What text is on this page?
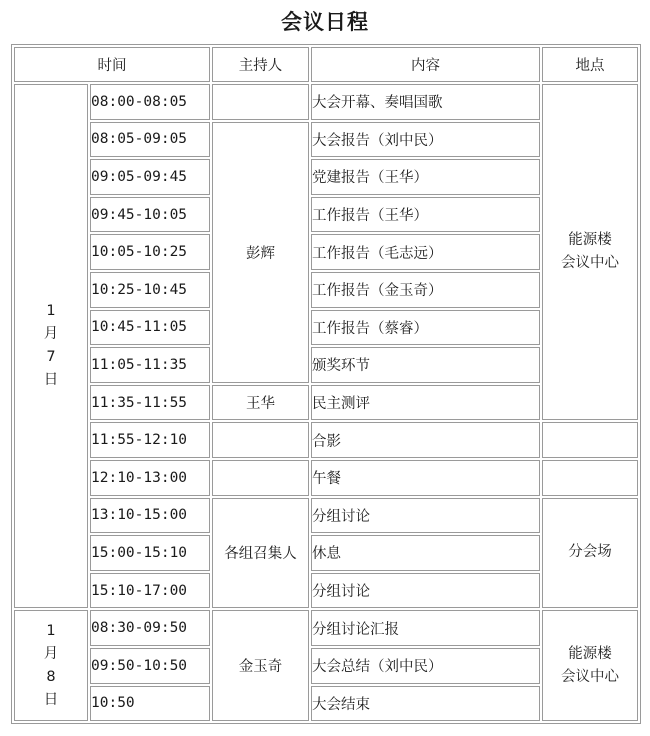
会议日程
时间		主持人	内容	地点

1
月
7
日	08:00-08:05		大会开幕、奏唱国歌	能源楼
会议中心

	08:05-09:05	彭辉	大会报告（刘中民）	
	09:05-09:45		党建报告（王华）	
	09:45-10:05		工作报告（王华）	
	10:05-10:25		工作报告（毛志远）	
	10:25-10:45		工作报告（金玉奇）	
	10:45-11:05		工作报告（蔡睿）	
	11:05-11:35		颁奖环节	
	11:35-11:55	王华	民主测评	
	11:55-12:10		合影	
	12:10-13:00		午餐	
	13:10-15:00	各组召集人	分组讨论	分会场
	15:00-15:10		休息	
	15:10-17:00		分组讨论	

1
月
8
日	08:30-09:50	金玉奇	分组讨论汇报	能源楼
会议中心

	09:50-10:50		大会总结（刘中民）	
	10:50		大会结束	
